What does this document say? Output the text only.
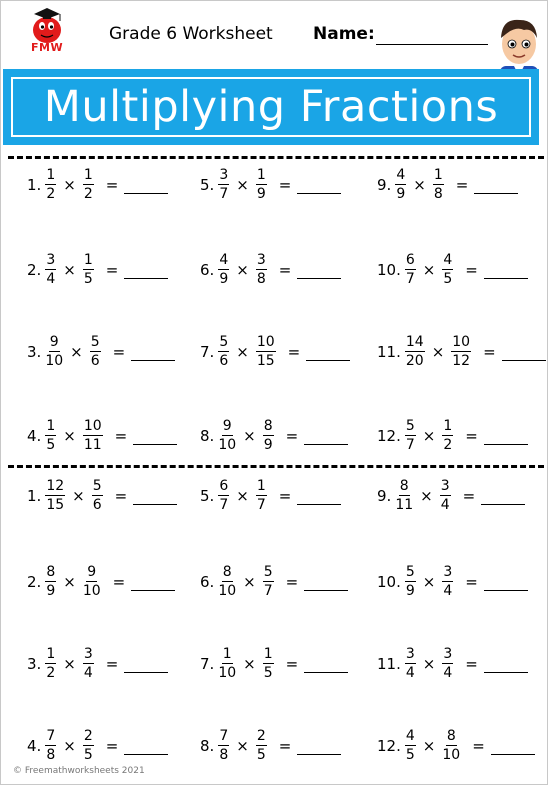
FMW
Grade 6 Worksheet Name:
Multiplying Fractions
1. $\frac{1}{2} \times \frac{1}{2}$ =
2. $\frac{3}{4} \times \frac{1}{5}$ =
3. $\frac{9}{10} \times \frac{5}{6}$ =
4. $\frac{1}{5} \times \frac{10}{11}$ =
5. $\frac{3}{7} \times \frac{1}{9}$ =
6. $\frac{4}{9} \times \frac{3}{8}$ =
7. $\frac{5}{6} \times \frac{10}{15}$ =
8. $\frac{9}{10} \times \frac{8}{9}$ =
9. $\frac{4}{9} \times \frac{1}{8}$ =
10. $\frac{6}{7} \times \frac{4}{5}$ =
11. $\frac{14}{20} \times \frac{10}{12}$ =
12. $\frac{5}{7} \times \frac{1}{2}$ =
1. $\frac{12}{15} \times \frac{5}{6}$ =
2. $\frac{8}{9} \times \frac{9}{10}$ =
3. $\frac{1}{2} \times \frac{3}{4}$ =
4. $\frac{7}{8} \times \frac{2}{5}$ =
5. $\frac{6}{7} \times \frac{1}{7}$ =
6. $\frac{8}{10} \times \frac{5}{7}$ =
7. $\frac{1}{10} \times \frac{1}{5}$ =
8. $\frac{7}{8} \times \frac{2}{5}$ =
9. $\frac{8}{11} \times \frac{3}{4}$ =
10. $\frac{5}{9} \times \frac{3}{4}$ =
11. $\frac{3}{4} \times \frac{3}{4}$ =
12. $\frac{4}{5} \times \frac{8}{10}$ =
© Freemathworksheets 2021
